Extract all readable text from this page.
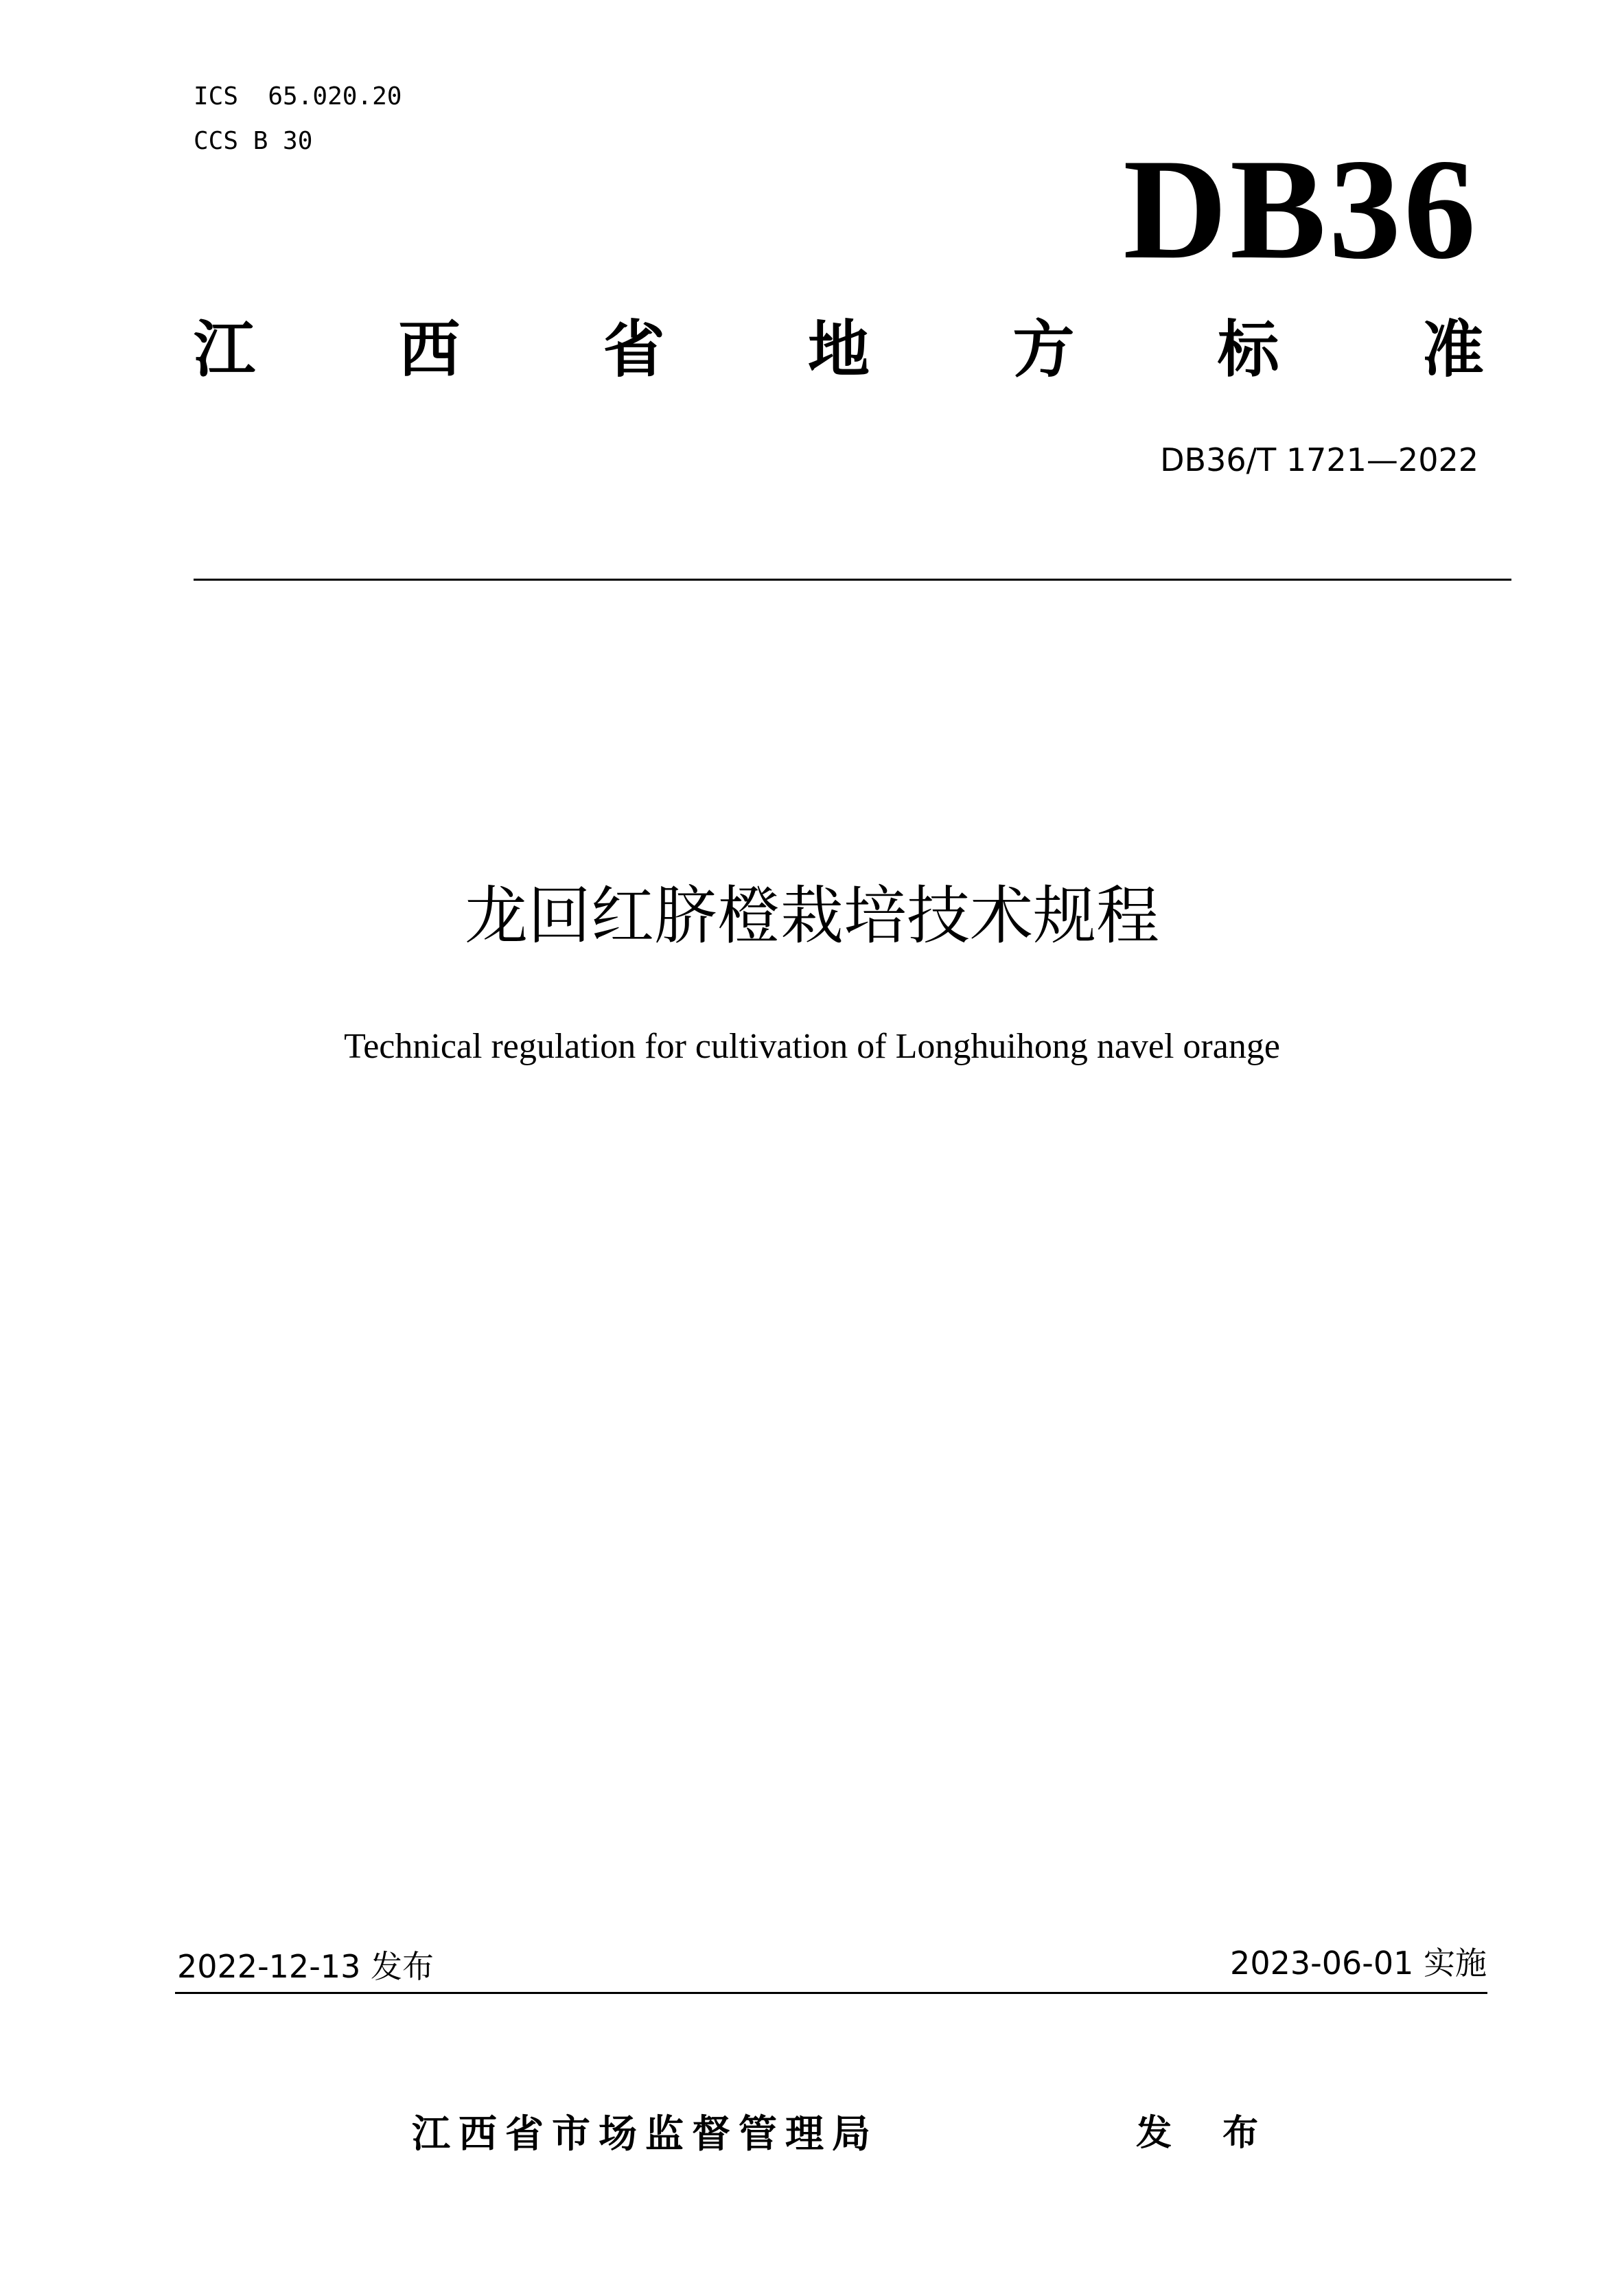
ICS  65.020.20
CCS B 30	DB36
江 西 省 地 方 标 准
DB36/T 1721—2022
龙回红脐橙栽培技术规程
Technical regulation for cultivation of Longhuihong navel orange
2022-12-13 发布	2023-06-01 实施
江西省市场监督管理局	发 布
